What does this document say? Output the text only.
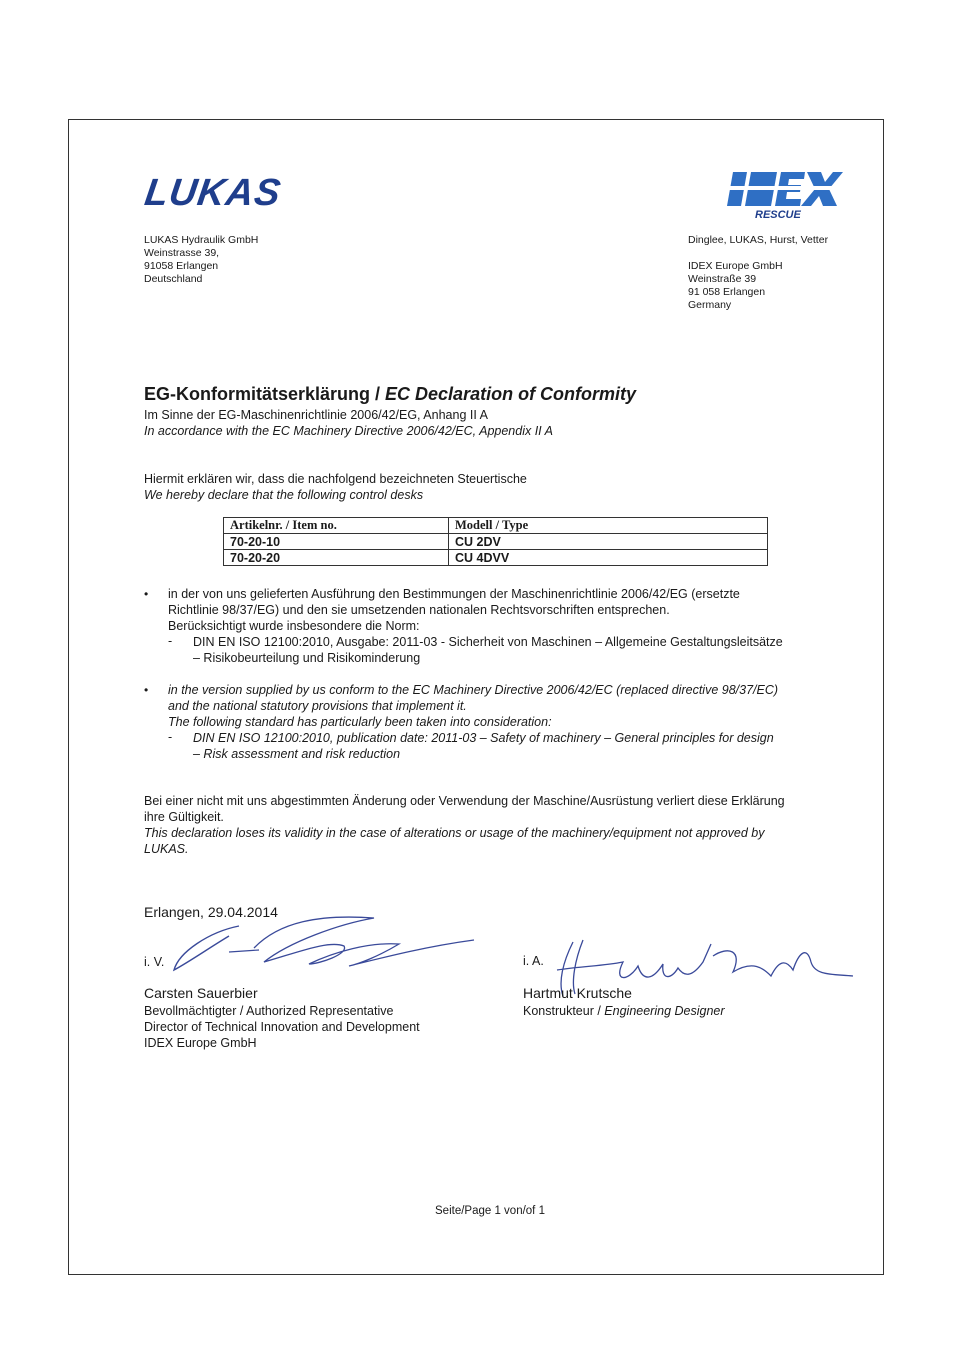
LUKAS
RESCUE
LUKAS Hydraulik GmbH
Weinstrasse 39,
91058 Erlangen
Deutschland
Dinglee, LUKAS, Hurst, Vetter
IDEX Europe GmbH
Weinstraße 39
91 058 Erlangen
Germany
EG-Konformitätserklärung / EC Declaration of Conformity
Im Sinne der EG-Maschinenrichtlinie 2006/42/EG, Anhang II A
In accordance with the EC Machinery Directive 2006/42/EC, Appendix II A
Hiermit erklären wir, dass die nachfolgend bezeichneten Steuertische
We hereby declare that the following control desks
Artikelnr. / Item no.	Modell / Type
70-20-10	CU 2DV
70-20-20	CU 4DVV
• in der von uns gelieferten Ausführung den Bestimmungen der Maschinenrichtlinie 2006/42/EG (ersetzte
Richtlinie 98/37/EG) und den sie umsetzenden nationalen Rechtsvorschriften entsprechen.
Berücksichtigt wurde insbesondere die Norm:
- DIN EN ISO 12100:2010, Ausgabe: 2011-03 - Sicherheit von Maschinen – Allgemeine Gestaltungsleitsätze
– Risikobeurteilung und Risikominderung
• in the version supplied by us conform to the EC Machinery Directive 2006/42/EC (replaced directive 98/37/EC)
and the national statutory provisions that implement it.
The following standard has particularly been taken into consideration:
- DIN EN ISO 12100:2010, publication date: 2011-03 – Safety of machinery – General principles for design
– Risk assessment and risk reduction
Bei einer nicht mit uns abgestimmten Änderung oder Verwendung der Maschine/Ausrüstung verliert diese Erklärung
ihre Gültigkeit.
This declaration loses its validity in the case of alterations or usage of the machinery/equipment not approved by
LUKAS.
Erlangen, 29.04.2014
i. V.
Carsten Sauerbier
Bevollmächtigter / Authorized Representative
Director of Technical Innovation and Development
IDEX Europe GmbH
i. A.
Hartmut Krutsche
Konstrukteur / Engineering Designer
Seite/Page 1 von/of 1
